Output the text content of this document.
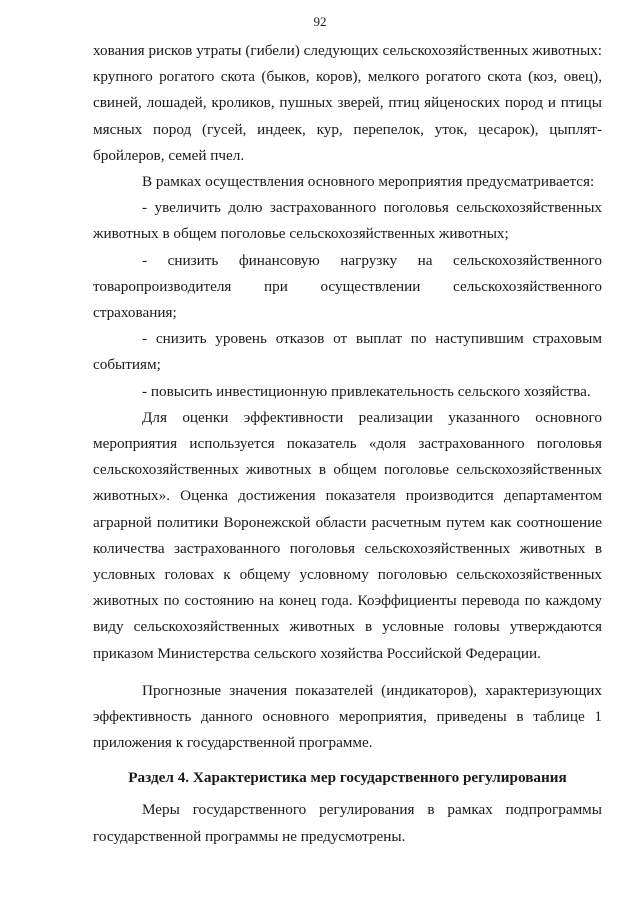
92

хования рисков утраты (гибели) следующих сельскохозяйственных животных: крупного рогатого скота (быков, коров), мелкого рогатого скота (коз, овец), свиней, лошадей, кроликов, пушных зверей, птиц яйценоских пород и птицы мясных пород (гусей, индеек, кур, перепелок, уток, цесарок), цыплят-бройлеров, семей пчел.

В рамках осуществления основного мероприятия предусматривается:

- увеличить долю застрахованного поголовья сельскохозяйственных животных в общем поголовье сельскохозяйственных животных;

- снизить финансовую нагрузку на сельскохозяйственного товаропроизводителя при осуществлении сельскохозяйственного страхования;

- снизить уровень отказов от выплат по наступившим страховым событиям;

- повысить инвестиционную привлекательность сельского хозяйства.

Для оценки эффективности реализации указанного основного мероприятия используется показатель «доля застрахованного поголовья сельскохозяйственных животных в общем поголовье сельскохозяйственных животных». Оценка достижения показателя производится департаментом аграрной политики Воронежской области расчетным путем как соотношение количества застрахованного поголовья сельскохозяйственных животных в условных головах к общему условному поголовью сельскохозяйственных животных по состоянию на конец года. Коэффициенты перевода по каждому виду сельскохозяйственных животных в условные головы утверждаются приказом Министерства сельского хозяйства Российской Федерации.

Прогнозные значения показателей (индикаторов), характеризующих эффективность данного основного мероприятия, приведены в таблице 1 приложения к государственной программе.

Раздел 4. Характеристика мер государственного регулирования

Меры государственного регулирования в рамках подпрограммы государственной программы не предусмотрены.
